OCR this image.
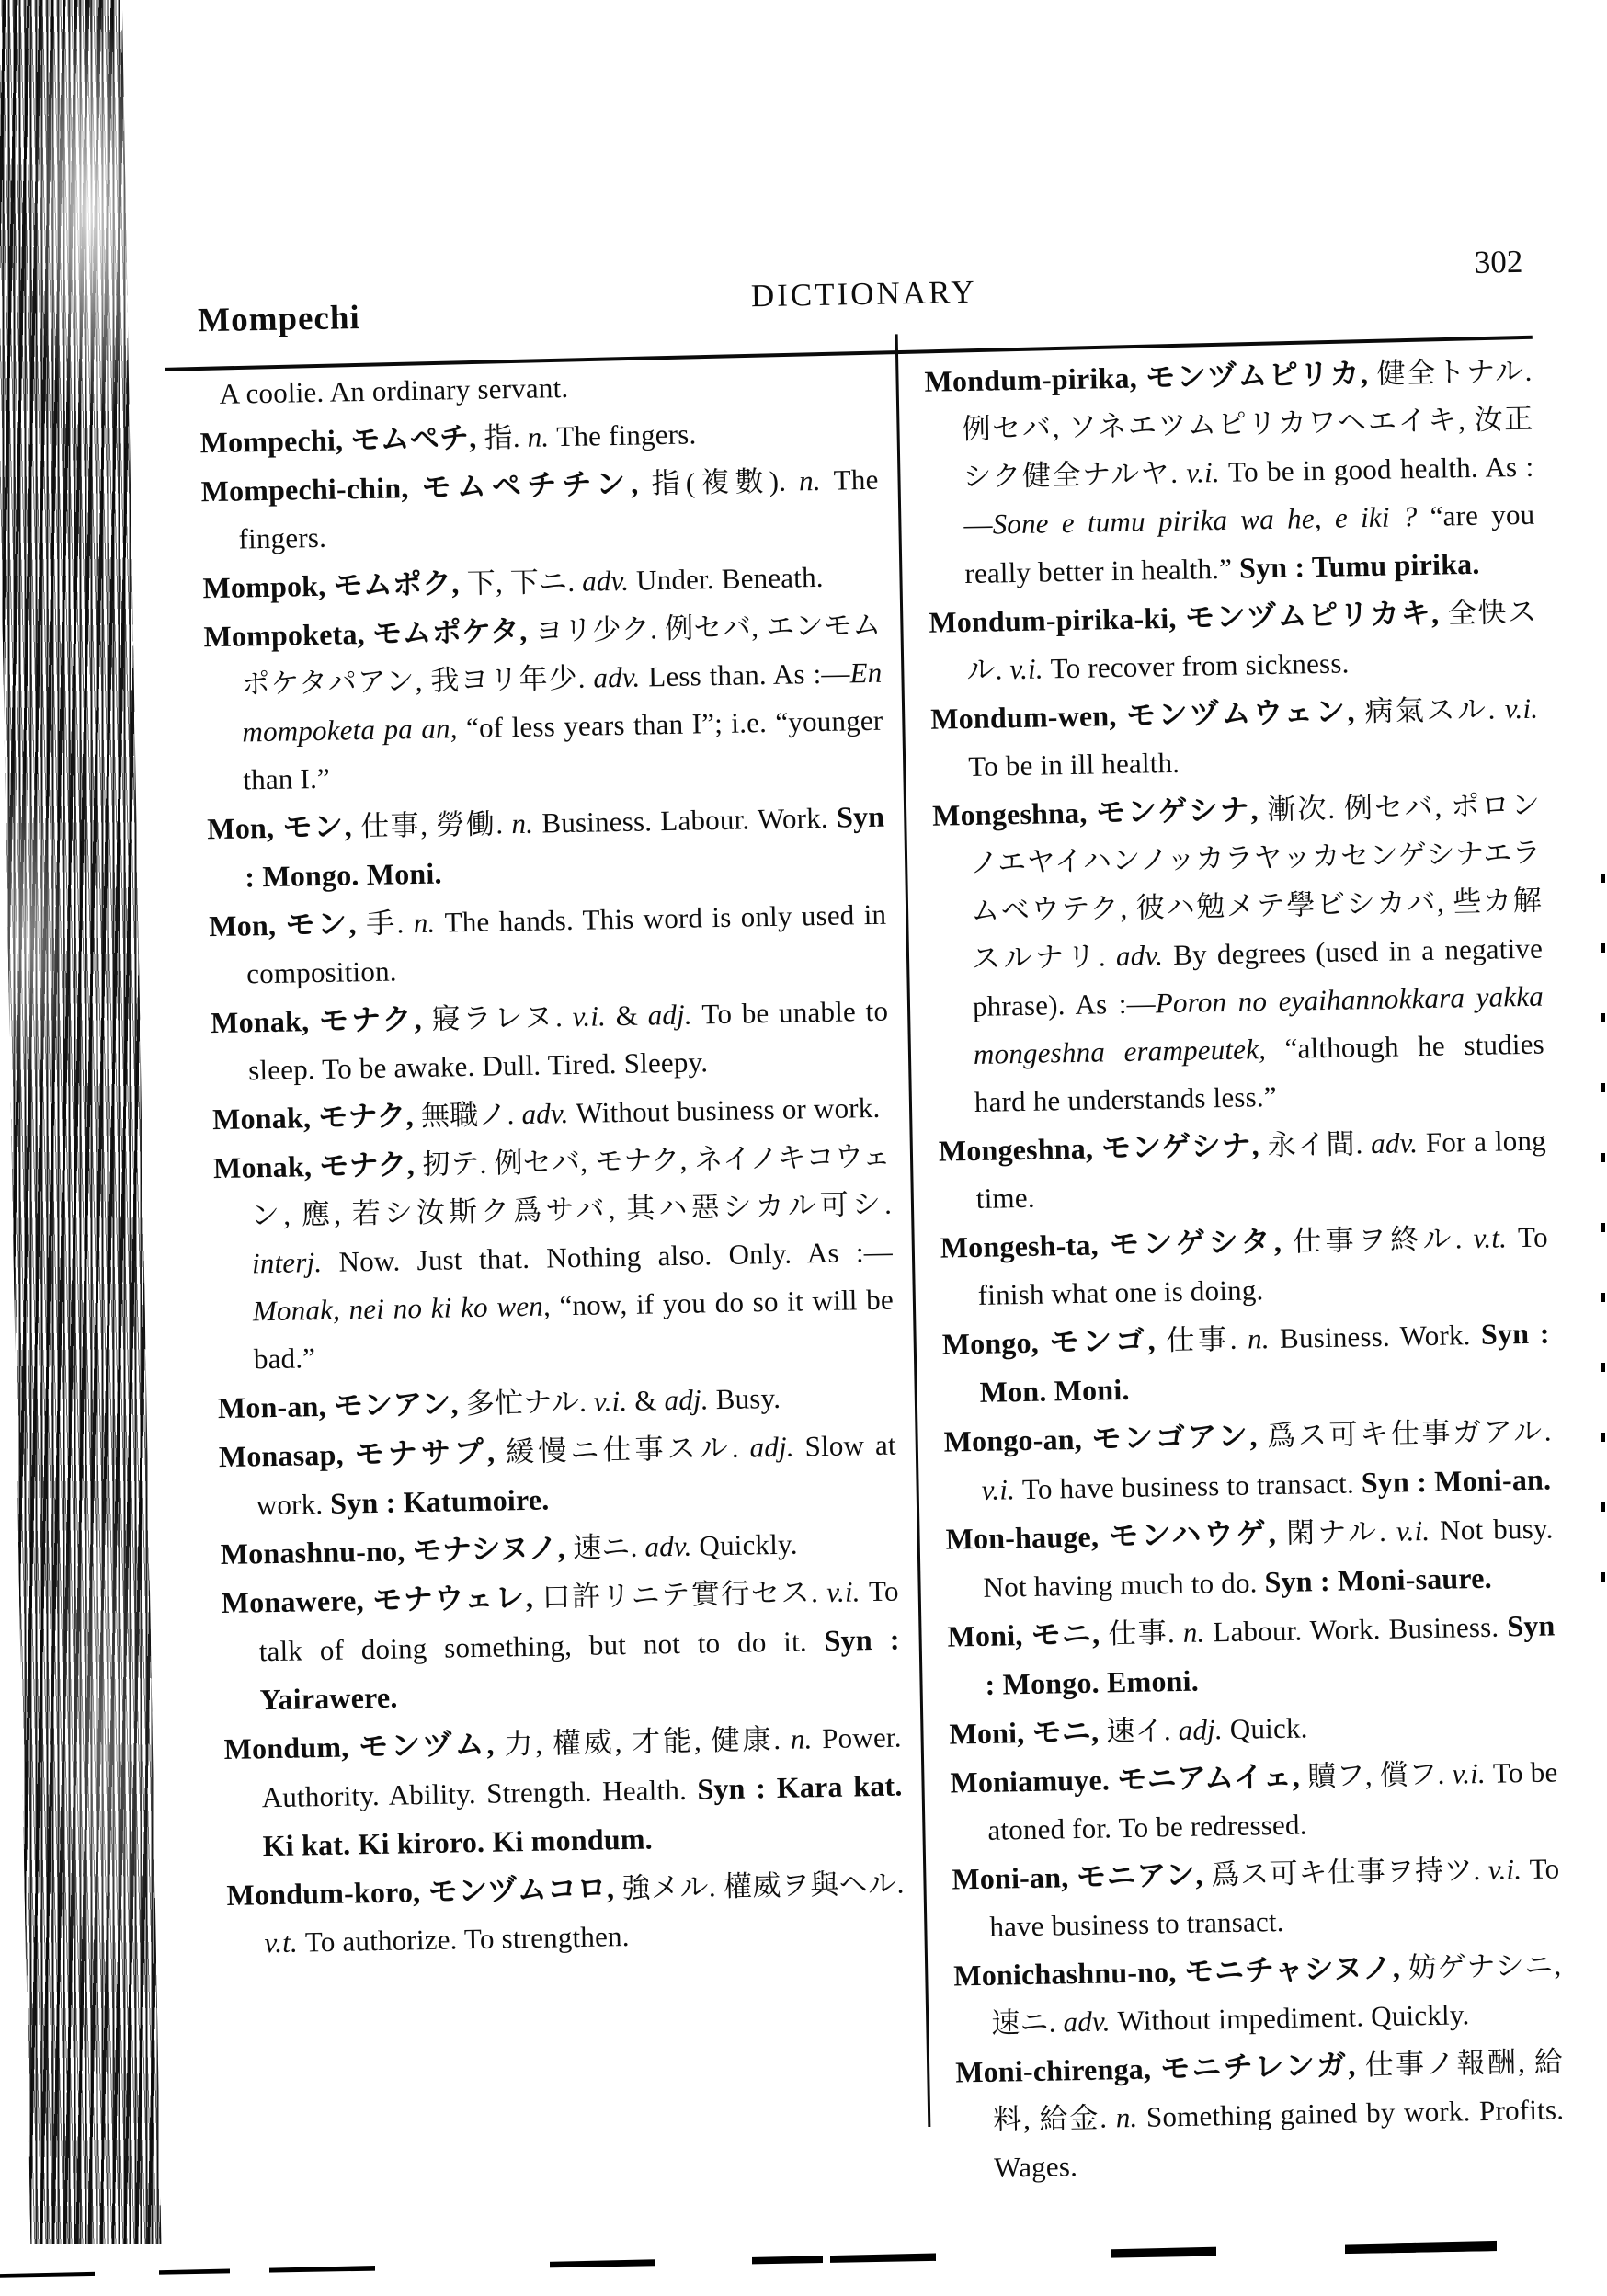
Mompechi
DICTIONARY
302

A coolie. An ordinary servant.

Mompechi, モムペチ, 指. n. The fingers.

Mompechi-chin, モムペチチン, 指(複數). n. The fingers.

Mompok, モムポク, 下, 下ニ. adv. Under. Beneath.

Mompoketa, モムポケタ, ヨリ少ク. 例セバ, エンモムポケタパアン, 我ヨリ年少. adv. Less than. As :—En mompoketa pa an, “of less years than I”; i.e. “younger than I.”

Mon, モン, 仕事, 勞働. n. Business. Labour. Work. Syn : Mongo. Moni.

Mon, モン, 手. n. The hands. This word is only used in composition.

Monak, モナク, 寢ラレヌ. v.i. & adj. To be unable to sleep. To be awake. Dull. Tired. Sleepy.

Monak, モナク, 無職ノ. adv. Without business or work.

Monak, モナク, 扨テ. 例セバ, モナク, ネイノキコウェン, 應, 若シ汝斯ク爲サバ, 其ハ惡シカル可シ. interj. Now. Just that. Nothing also. Only. As :—Monak, nei no ki ko wen, “now, if you do so it will be bad.”

Mon-an, モンアン, 多忙ナル. v.i. & adj. Busy.

Monasap, モナサプ, 緩慢ニ仕事スル. adj. Slow at work. Syn : Katumoire.

Monashnu-no, モナシヌノ, 速ニ. adv. Quickly.

Monawere, モナウェレ, 口許リニテ實行セス. v.i. To talk of doing something, but not to do it. Syn : Yairawere.

Mondum, モンヅム, 力, 權威, 才能, 健康. n. Power. Authority. Ability. Strength. Health. Syn : Kara kat. Ki kat. Ki kiroro. Ki mondum.

Mondum-koro, モンヅムコロ, 強メル. 權威ヲ與ヘル. v.t. To authorize. To strengthen.

Mondum-pirika, モンヅムピリカ, 健全トナル. 例セバ, ソネエツムピリカワヘエイキ, 汝正シク健全ナルヤ. v.i. To be in good health. As :—Sone e tumu pirika wa he, e iki ? “are you really better in health.” Syn : Tumu pirika.

Mondum-pirika-ki, モンヅムピリカキ, 全快スル. v.i. To recover from sickness.

Mondum-wen, モンヅムウェン, 病氣スル. v.i. To be in ill health.

Mongeshna, モンゲシナ, 漸次. 例セバ, ポロンノエヤイハンノッカラヤッカセンゲシナエラムベウテク, 彼ハ勉メテ學ビシカバ, 些カ解スルナリ. adv. By degrees (used in a negative phrase). As :—Poron no eyaihannokkara yakka mongeshna erampeutek, “although he studies hard he understands less.”

Mongeshna, モンゲシナ, 永イ間. adv. For a long time.

Mongesh-ta, モンゲシタ, 仕事ヲ終ル. v.t. To finish what one is doing.

Mongo, モンゴ, 仕事. n. Business. Work. Syn : Mon. Moni.

Mongo-an, モンゴアン, 爲ス可キ仕事ガアル. v.i. To have business to transact. Syn : Moni-an.

Mon-hauge, モンハウゲ, 閑ナル. v.i. Not busy. Not having much to do. Syn : Moni-saure.

Moni, モニ, 仕事. n. Labour. Work. Business. Syn : Mongo. Emoni.

Moni, モニ, 速イ. adj. Quick.

Moniamuye. モニアムイェ, 贖フ, 償フ. v.i. To be atoned for. To be redressed.

Moni-an, モニアン, 爲ス可キ仕事ヲ持ツ. v.i. To have business to transact.

Monichashnu-no, モニチャシヌノ, 妨ゲナシニ, 速ニ. adv. Without impediment. Quickly.

Moni-chirenga, モニチレンガ, 仕事ノ報酬, 給料, 給金. n. Something gained by work. Profits. Wages.
